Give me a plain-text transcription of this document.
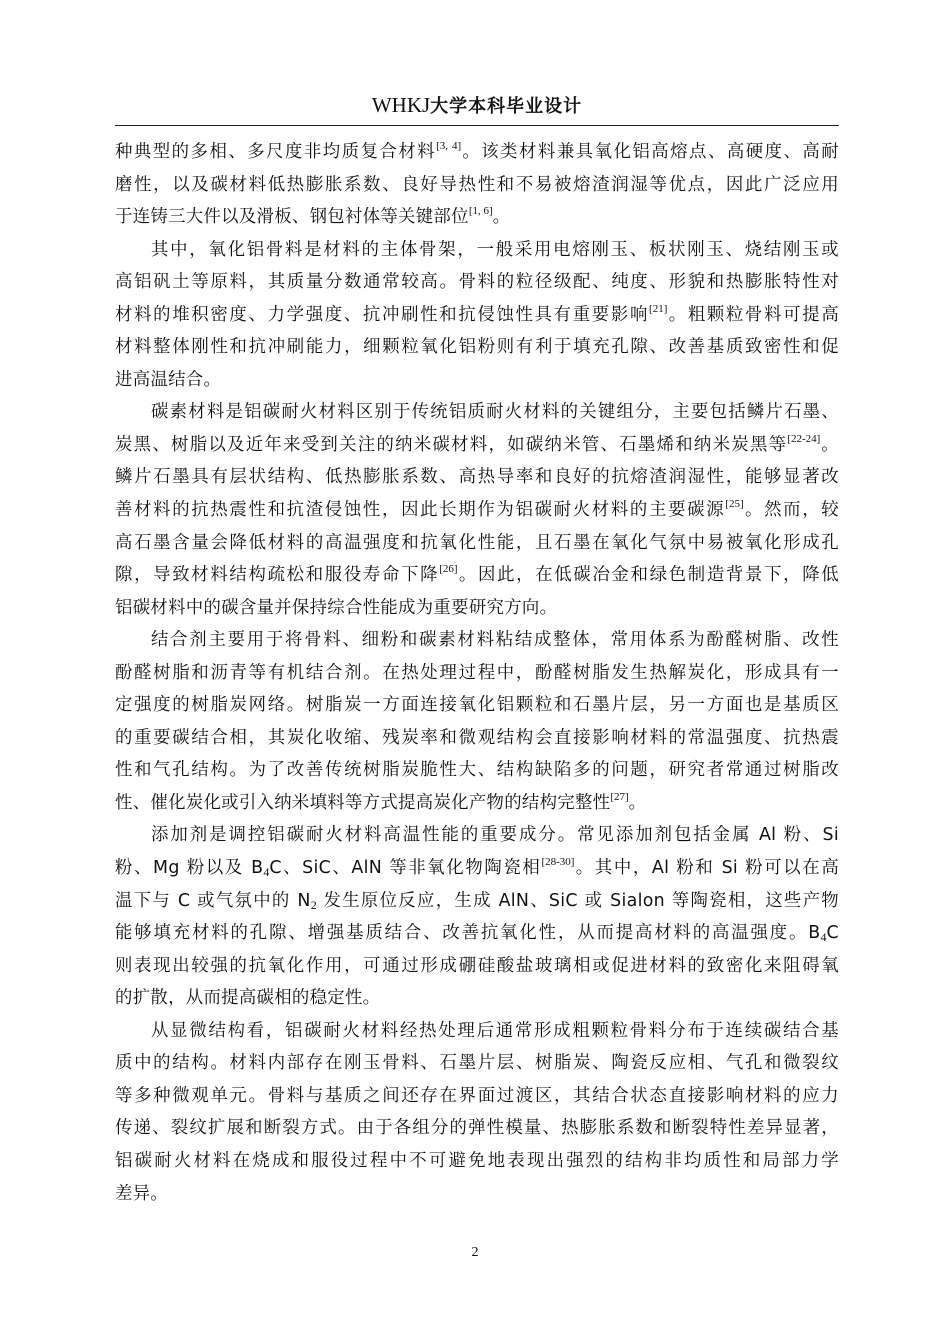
WHKJ大学本科毕业设计
种典型的多相、多尺度非均质复合材料[3, 4]。该类材料兼具氧化铝高熔点、高硬度、高耐
磨性，以及碳材料低热膨胀系数、良好导热性和不易被熔渣润湿等优点，因此广泛应用
于连铸三大件以及滑板、钢包衬体等关键部位[1, 6]。
其中，氧化铝骨料是材料的主体骨架，一般采用电熔刚玉、板状刚玉、烧结刚玉或
高铝矾土等原料，其质量分数通常较高。骨料的粒径级配、纯度、形貌和热膨胀特性对
材料的堆积密度、力学强度、抗冲刷性和抗侵蚀性具有重要影响[21]。粗颗粒骨料可提高
材料整体刚性和抗冲刷能力，细颗粒氧化铝粉则有利于填充孔隙、改善基质致密性和促
进高温结合。
碳素材料是铝碳耐火材料区别于传统铝质耐火材料的关键组分，主要包括鳞片石墨、
炭黑、树脂以及近年来受到关注的纳米碳材料，如碳纳米管、石墨烯和纳米炭黑等[22-24]。
鳞片石墨具有层状结构、低热膨胀系数、高热导率和良好的抗熔渣润湿性，能够显著改
善材料的抗热震性和抗渣侵蚀性，因此长期作为铝碳耐火材料的主要碳源[25]。然而，较
高石墨含量会降低材料的高温强度和抗氧化性能，且石墨在氧化气氛中易被氧化形成孔
隙，导致材料结构疏松和服役寿命下降[26]。因此，在低碳冶金和绿色制造背景下，降低
铝碳材料中的碳含量并保持综合性能成为重要研究方向。
结合剂主要用于将骨料、细粉和碳素材料粘结成整体，常用体系为酚醛树脂、改性
酚醛树脂和沥青等有机结合剂。在热处理过程中，酚醛树脂发生热解炭化，形成具有一
定强度的树脂炭网络。树脂炭一方面连接氧化铝颗粒和石墨片层，另一方面也是基质区
的重要碳结合相，其炭化收缩、残炭率和微观结构会直接影响材料的常温强度、抗热震
性和气孔结构。为了改善传统树脂炭脆性大、结构缺陷多的问题，研究者常通过树脂改
性、催化炭化或引入纳米填料等方式提高炭化产物的结构完整性[27]。
添加剂是调控铝碳耐火材料高温性能的重要成分。常见添加剂包括金属 Al 粉、Si
粉、Mg 粉以及 $B_4C$、SiC、AlN 等非氧化物陶瓷相[28-30]。其中，Al 粉和 Si 粉可以在高
温下与 C 或气氛中的 $N_2$ 发生原位反应，生成 AlN、SiC 或 Sialon 等陶瓷相，这些产物
能够填充材料的孔隙、增强基质结合、改善抗氧化性，从而提高材料的高温强度。$B_4C$
则表现出较强的抗氧化作用，可通过形成硼硅酸盐玻璃相或促进材料的致密化来阻碍氧
的扩散，从而提高碳相的稳定性。
从显微结构看，铝碳耐火材料经热处理后通常形成粗颗粒骨料分布于连续碳结合基
质中的结构。材料内部存在刚玉骨料、石墨片层、树脂炭、陶瓷反应相、气孔和微裂纹
等多种微观单元。骨料与基质之间还存在界面过渡区，其结合状态直接影响材料的应力
传递、裂纹扩展和断裂方式。由于各组分的弹性模量、热膨胀系数和断裂特性差异显著，
铝碳耐火材料在烧成和服役过程中不可避免地表现出强烈的结构非均质性和局部力学
差异。
2
